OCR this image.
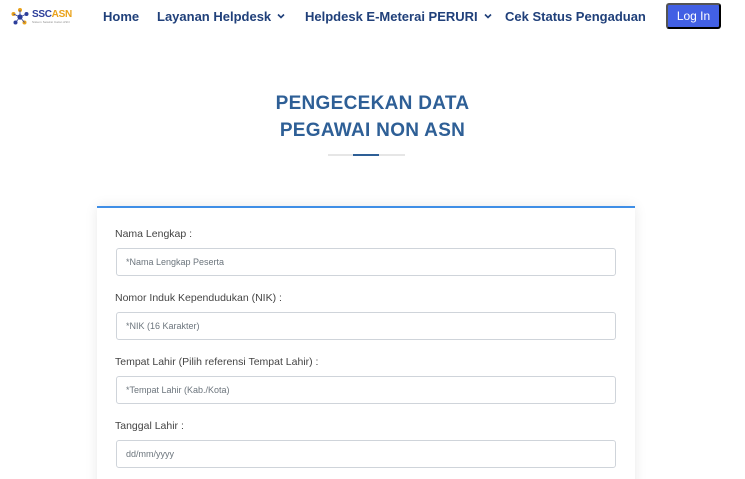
SSCASN
Sistem Seleksi Calon ASN	Home Layanan Helpdesk	Helpdesk E-Meterai PERURI Cek Status Pengaduan	Log In
PENGECEKAN DATA
PEGAWAI NON ASN
Nama Lengkap :
*Nama Lengkap Peserta
Nomor Induk Kependudukan (NIK) :
*NIK (16 Karakter)
Tempat Lahir (Pilih referensi Tempat Lahir) :
*Tempat Lahir (Kab./Kota)
Tanggal Lahir :
dd/mm/yyyy
